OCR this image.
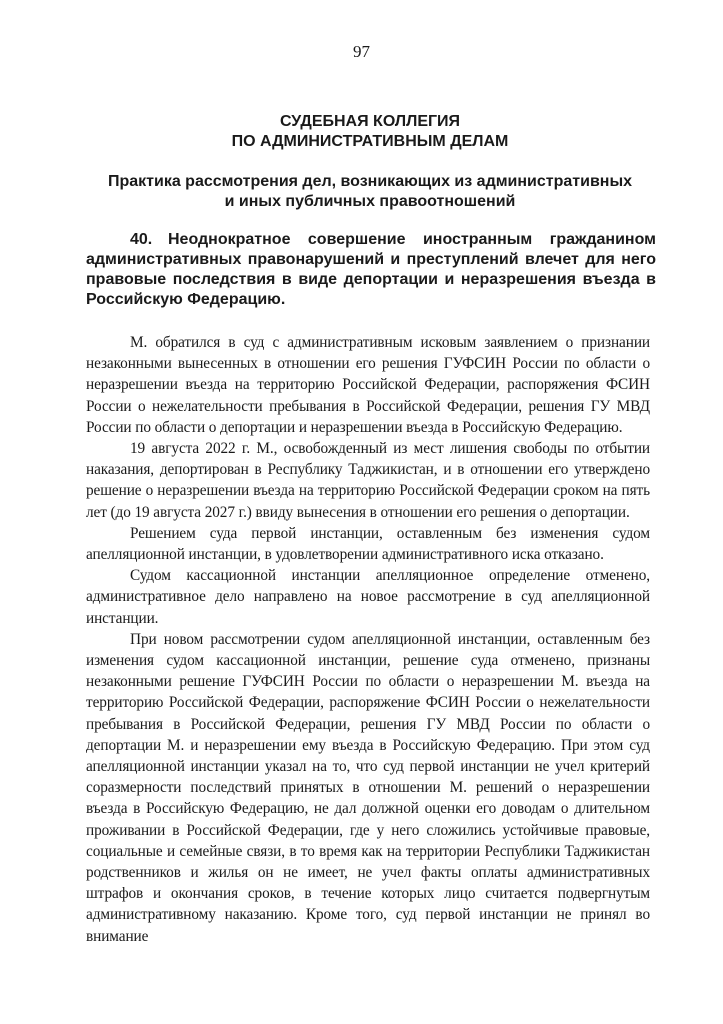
97
СУДЕБНАЯ КОЛЛЕГИЯ
ПО АДМИНИСТРАТИВНЫМ ДЕЛАМ
Практика рассмотрения дел, возникающих из административных
и иных публичных правоотношений
40. Неоднократное совершение иностранным гражданином административных правонарушений и преступлений влечет для него правовые последствия в виде депортации и неразрешения въезда в Российскую Федерацию.

М. обратился в суд с административным исковым заявлением о признании незаконными вынесенных в отношении его решения ГУФСИН России по области о неразрешении въезда на территорию Российской Федерации, распоряжения ФСИН России о нежелательности пребывания в Российской Федерации, решения ГУ МВД России по области о депортации и неразрешении въезда в Российскую Федерацию.

19 августа 2022 г. М., освобожденный из мест лишения свободы по отбытии наказания, депортирован в Республику Таджикистан, и в отношении его утверждено решение о неразрешении въезда на территорию Российской Федерации сроком на пять лет (до 19 августа 2027 г.) ввиду вынесения в отношении его решения о депортации.

Решением суда первой инстанции, оставленным без изменения судом апелляционной инстанции, в удовлетворении административного иска отказано.

Судом кассационной инстанции апелляционное определение отменено, административное дело направлено на новое рассмотрение в суд апелляционной инстанции.

При новом рассмотрении судом апелляционной инстанции, оставленным без изменения судом кассационной инстанции, решение суда отменено, признаны незаконными решение ГУФСИН России по области о неразрешении М. въезда на территорию Российской Федерации, распоряжение ФСИН России о нежелательности пребывания в Российской Федерации, решения ГУ МВД России по области о депортации М. и неразрешении ему въезда в Российскую Федерацию. При этом суд апелляционной инстанции указал на то, что суд первой инстанции не учел критерий соразмерности последствий принятых в отношении М. решений о неразрешении въезда в Российскую Федерацию, не дал должной оценки его доводам о длительном проживании в Российской Федерации, где у него сложились устойчивые правовые, социальные и семейные связи, в то время как на территории Республики Таджикистан родственников и жилья он не имеет, не учел факты оплаты административных штрафов и окончания сроков, в течение которых лицо считается подвергнутым административному наказанию. Кроме того, суд первой инстанции не принял во внимание
